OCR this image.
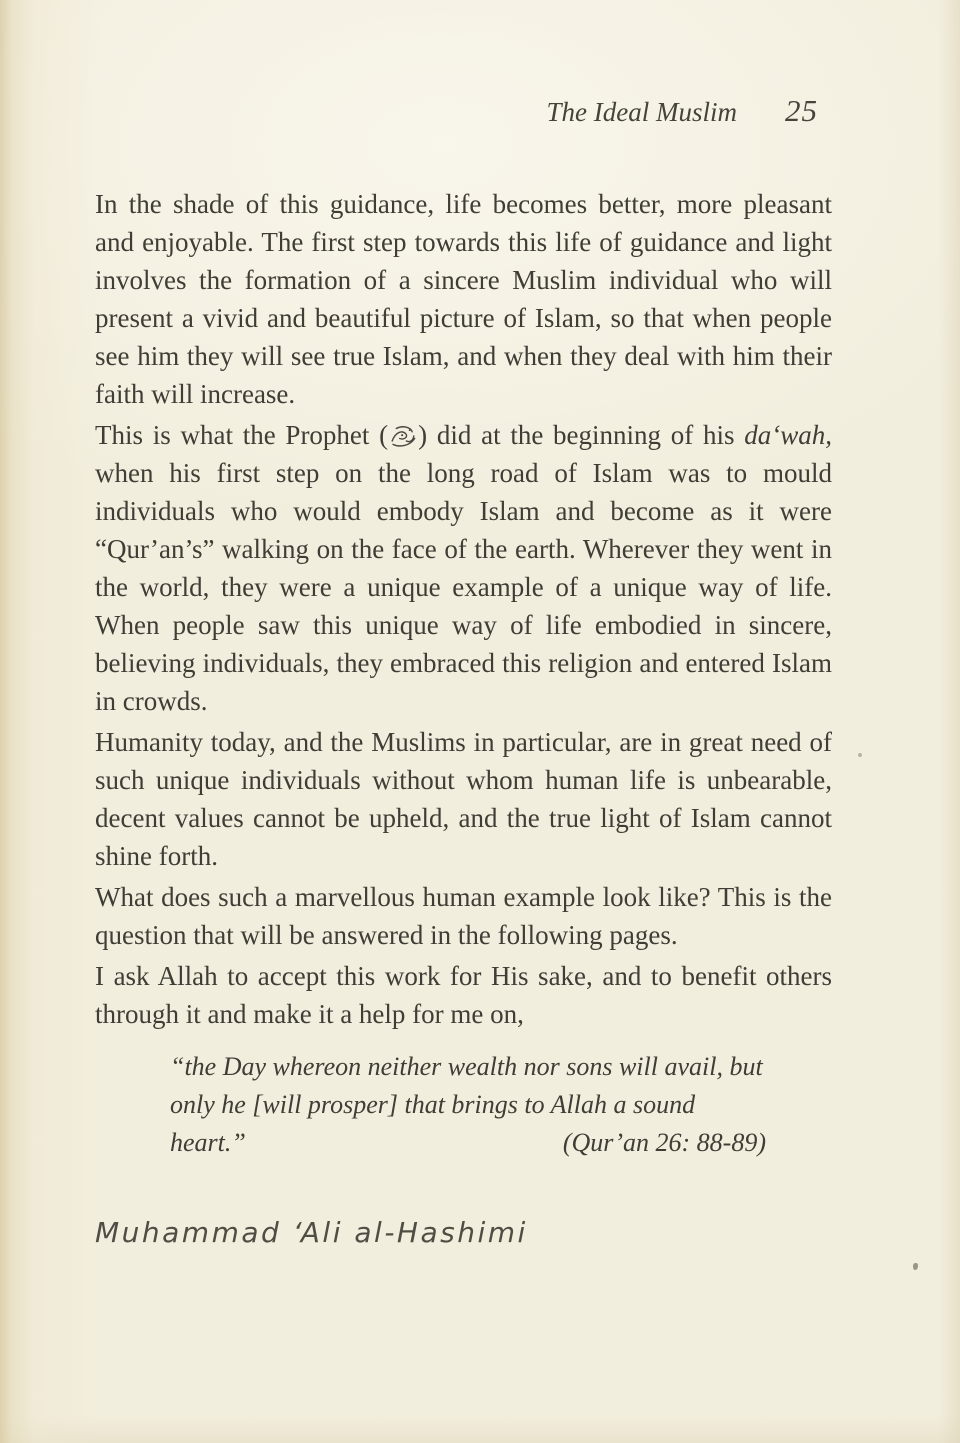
The Ideal Muslim 25

In the shade of this guidance, life becomes better, more pleasant and enjoyable. The first step towards this life of guidance and light involves the formation of a sincere Muslim individual who will present a vivid and beautiful picture of Islam, so that when people see him they will see true Islam, and when they deal with him their faith will increase.

This is what the Prophet ( ) did at the beginning of his da‘wah, when his first step on the long road of Islam was to mould individuals who would embody Islam and become as it were “Qur’an’s” walking on the face of the earth. Wherever they went in the world, they were a unique example of a unique way of life. When people saw this unique way of life embodied in sincere, believing individuals, they embraced this religion and entered Islam in crowds.

Humanity today, and the Muslims in particular, are in great need of such unique individuals without whom human life is unbearable, decent values cannot be upheld, and the true light of Islam cannot shine forth.

What does such a marvellous human example look like? This is the question that will be answered in the following pages.

I ask Allah to accept this work for His sake, and to benefit others through it and make it a help for me on,

“the Day whereon neither wealth nor sons will avail, but only he [will prosper] that brings to Allah a sound heart.”	(Qur’an 26: 88-89)
Muhammad ‘Ali al-Hashimi
